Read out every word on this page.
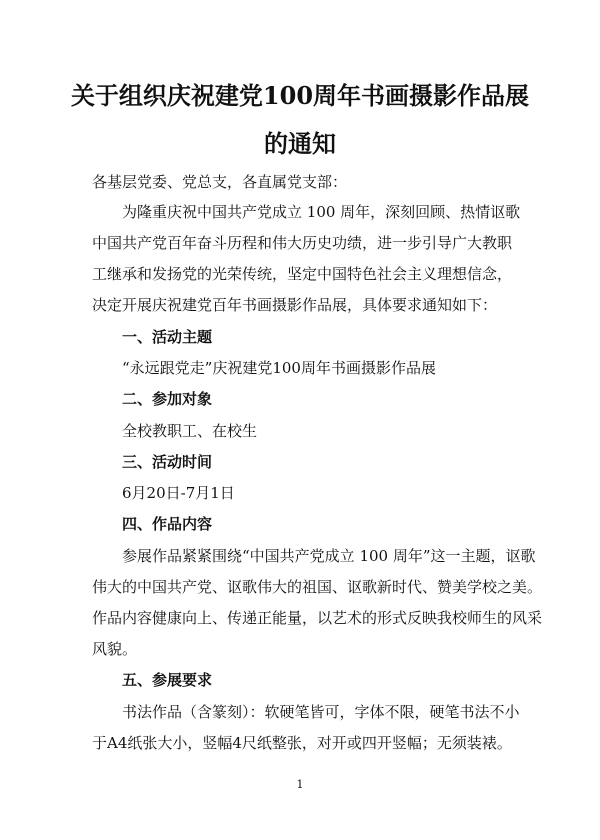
关于组织庆祝建党100周年书画摄影作品展
的通知

各基层党委、党总支，各直属党支部：

为隆重庆祝中国共产党成立 100 周年，深刻回顾、热情讴歌

中国共产党百年奋斗历程和伟大历史功绩，进一步引导广大教职

工继承和发扬党的光荣传统，坚定中国特色社会主义理想信念，

决定开展庆祝建党百年书画摄影作品展，具体要求通知如下：

一、活动主题

“永远跟党走”庆祝建党100周年书画摄影作品展

二、参加对象

全校教职工、在校生

三、活动时间

6月20日-7月1日

四、作品内容

参展作品紧紧围绕“中国共产党成立 100 周年”这一主题，讴歌

伟大的中国共产党、讴歌伟大的祖国、讴歌新时代、赞美学校之美。

作品内容健康向上、传递正能量，以艺术的形式反映我校师生的风采

风貌。

五、参展要求

书法作品（含篆刻）：软硬笔皆可，字体不限，硬笔书法不小

于A4纸张大小，竖幅4尺纸整张，对开或四开竖幅；无须装裱。

1
